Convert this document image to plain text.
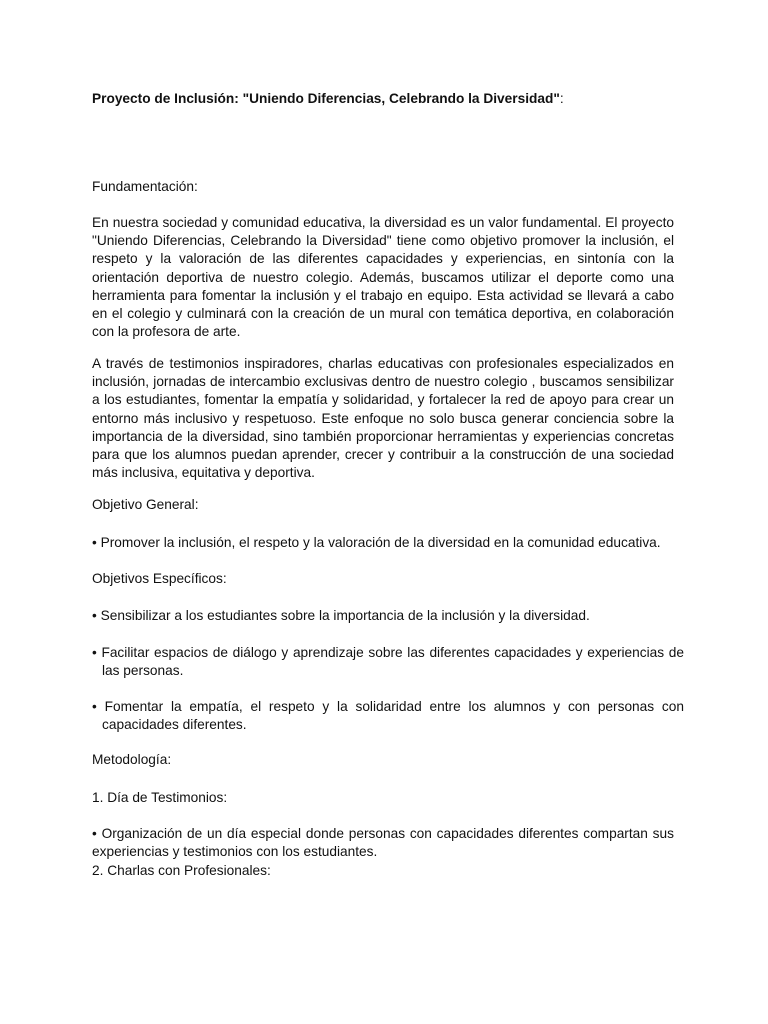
Proyecto de Inclusión: "Uniendo Diferencias, Celebrando la Diversidad":

Fundamentación:

En nuestra sociedad y comunidad educativa, la diversidad es un valor fundamental. El proyecto "Uniendo Diferencias, Celebrando la Diversidad" tiene como objetivo promover la inclusión, el respeto y la valoración de las diferentes capacidades y experiencias, en sintonía con la orientación deportiva de nuestro colegio. Además, buscamos utilizar el deporte como una herramienta para fomentar la inclusión y el trabajo en equipo. Esta actividad se llevará a cabo en el colegio y culminará con la creación de un mural con temática deportiva, en colaboración con la profesora de arte.

A través de testimonios inspiradores, charlas educativas con profesionales especializados en inclusión, jornadas de intercambio exclusivas dentro de nuestro colegio , buscamos sensibilizar a los estudiantes, fomentar la empatía y solidaridad, y fortalecer la red de apoyo para crear un entorno más inclusivo y respetuoso. Este enfoque no solo busca generar conciencia sobre la importancia de la diversidad, sino también proporcionar herramientas y experiencias concretas para que los alumnos puedan aprender, crecer y contribuir a la construcción de una sociedad más inclusiva, equitativa y deportiva.

Objetivo General:

• Promover la inclusión, el respeto y la valoración de la diversidad en la comunidad educativa.

Objetivos Específicos:

• Sensibilizar a los estudiantes sobre la importancia de la inclusión y la diversidad.

• Facilitar espacios de diálogo y aprendizaje sobre las diferentes capacidades y experiencias de las personas.

• Fomentar la empatía, el respeto y la solidaridad entre los alumnos y con personas con capacidades diferentes.

Metodología:

1. Día de Testimonios:

• Organización de un día especial donde personas con capacidades diferentes compartan sus experiencias y testimonios con los estudiantes.

2. Charlas con Profesionales:
